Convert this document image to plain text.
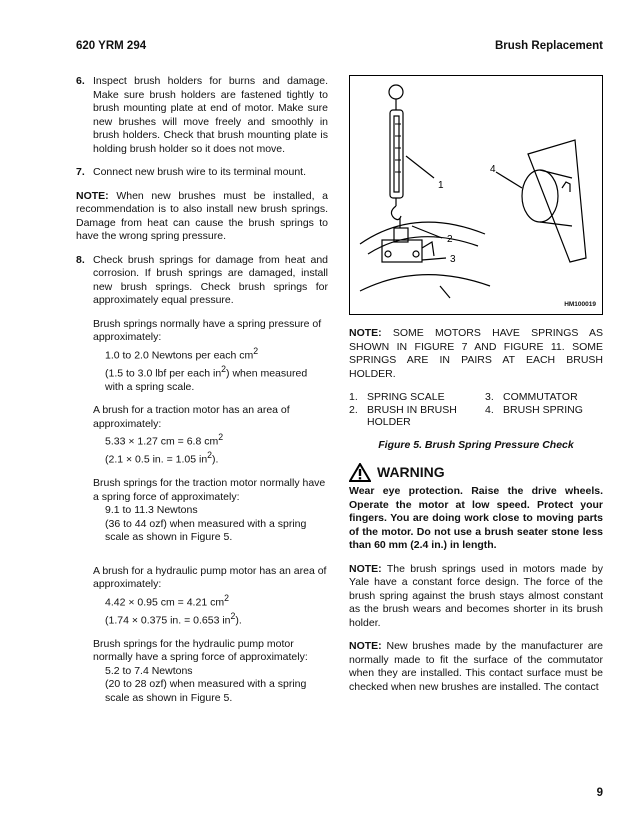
620 YRM 294	Brush Replacement
6. Inspect brush holders for burns and damage. Make sure brush holders are fastened tightly to brush mounting plate at end of motor. Make sure new brushes will move freely and smoothly in brush holders. Check that brush mounting plate is holding brush holder so it does not move.
7. Connect new brush wire to its terminal mount.
NOTE: When new brushes must be installed, a recommendation is to also install new brush springs. Damage from heat can cause the brush springs to have the wrong spring pressure.
8. Check brush springs for damage from heat and corrosion. If brush springs are damaged, install new brush springs. Check brush springs for approximately equal pressure.
Brush springs normally have a spring pressure of approximately:
1.0 to 2.0 Newtons per each $cm^2$
(1.5 to 3.0 lbf per each $in^2$) when measured with a spring scale.
A brush for a traction motor has an area of approximately:
5.33 × 1.27 cm = 6.8 $cm^2$
(2.1 × 0.5 in. = 1.05 $in^2$).
Brush springs for the traction motor normally have a spring force of approximately:
9.1 to 11.3 Newtons
(36 to 44 ozf) when measured with a spring scale as shown in Figure 5.
A brush for a hydraulic pump motor has an area of approximately:
4.42 × 0.95 cm = 4.21 $cm^2$
(1.74 × 0.375 in. = 0.653 $in^2$).
Brush springs for the hydraulic pump motor normally have a spring force of approximately:
5.2 to 7.4 Newtons
(20 to 28 ozf) when measured with a spring scale as shown in Figure 5.
1
2
3
4
HM100019
NOTE: SOME MOTORS HAVE SPRINGS AS SHOWN IN FIGURE 7 AND FIGURE 11. SOME SPRINGS ARE IN PAIRS AT EACH BRUSH HOLDER.
1. SPRING SCALE	3. COMMUTATOR
2. BRUSH IN BRUSH HOLDER
4. BRUSH SPRING
Figure 5. Brush Spring Pressure Check
WARNING
Wear eye protection. Raise the drive wheels. Operate the motor at low speed. Protect your fingers. You are doing work close to moving parts of the motor. Do not use a brush seater stone less than 60 mm (2.4 in.) in length.
NOTE: The brush springs used in motors made by Yale have a constant force design. The force of the brush spring against the brush stays almost constant as the brush wears and becomes shorter in its brush holder.
NOTE: New brushes made by the manufacturer are normally made to fit the surface of the commutator when they are installed. This contact surface must be checked when new brushes are installed. The contact
9
